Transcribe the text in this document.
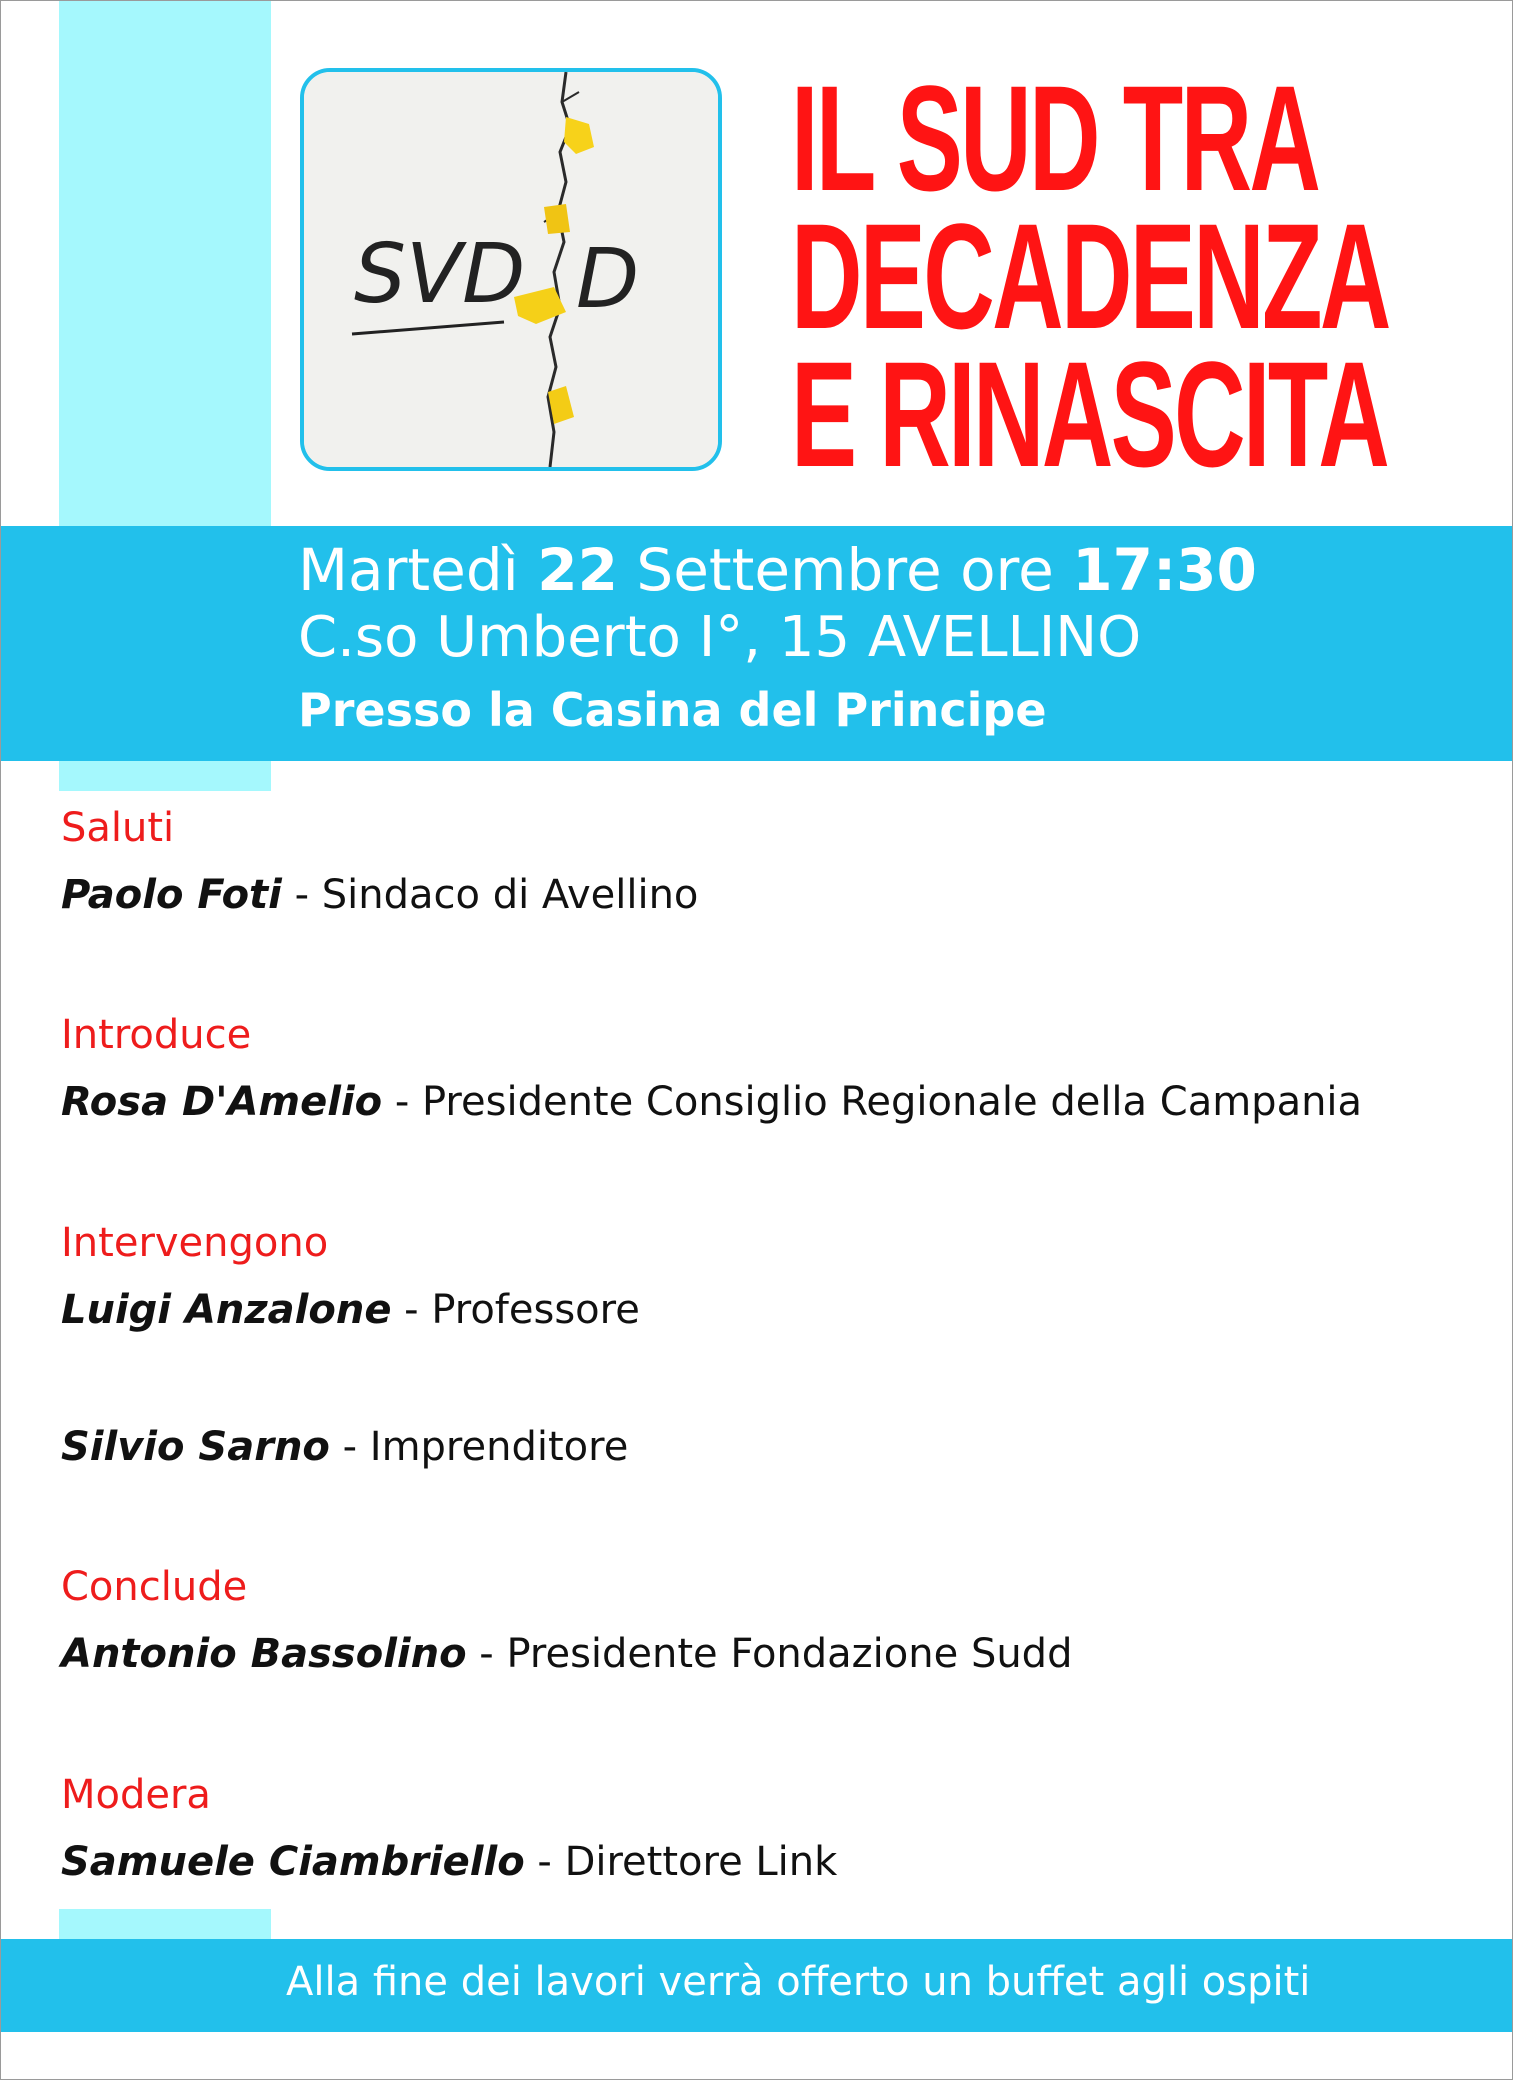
SVD D
IL SUD TRA
DECADENZA
E RINASCITA
Martedì 22 Settembre ore 17:30
C.so Umberto I°, 15 AVELLINO
Presso la Casina del Principe
Saluti
Paolo Foti - Sindaco di Avellino
Introduce
Rosa D'Amelio - Presidente Consiglio Regionale della Campania
Intervengono
Luigi Anzalone - Professore
Silvio Sarno - Imprenditore
Conclude
Antonio Bassolino - Presidente Fondazione Sudd
Modera
Samuele Ciambriello - Direttore Link
Alla fine dei lavori verrà offerto un buffet agli ospiti
